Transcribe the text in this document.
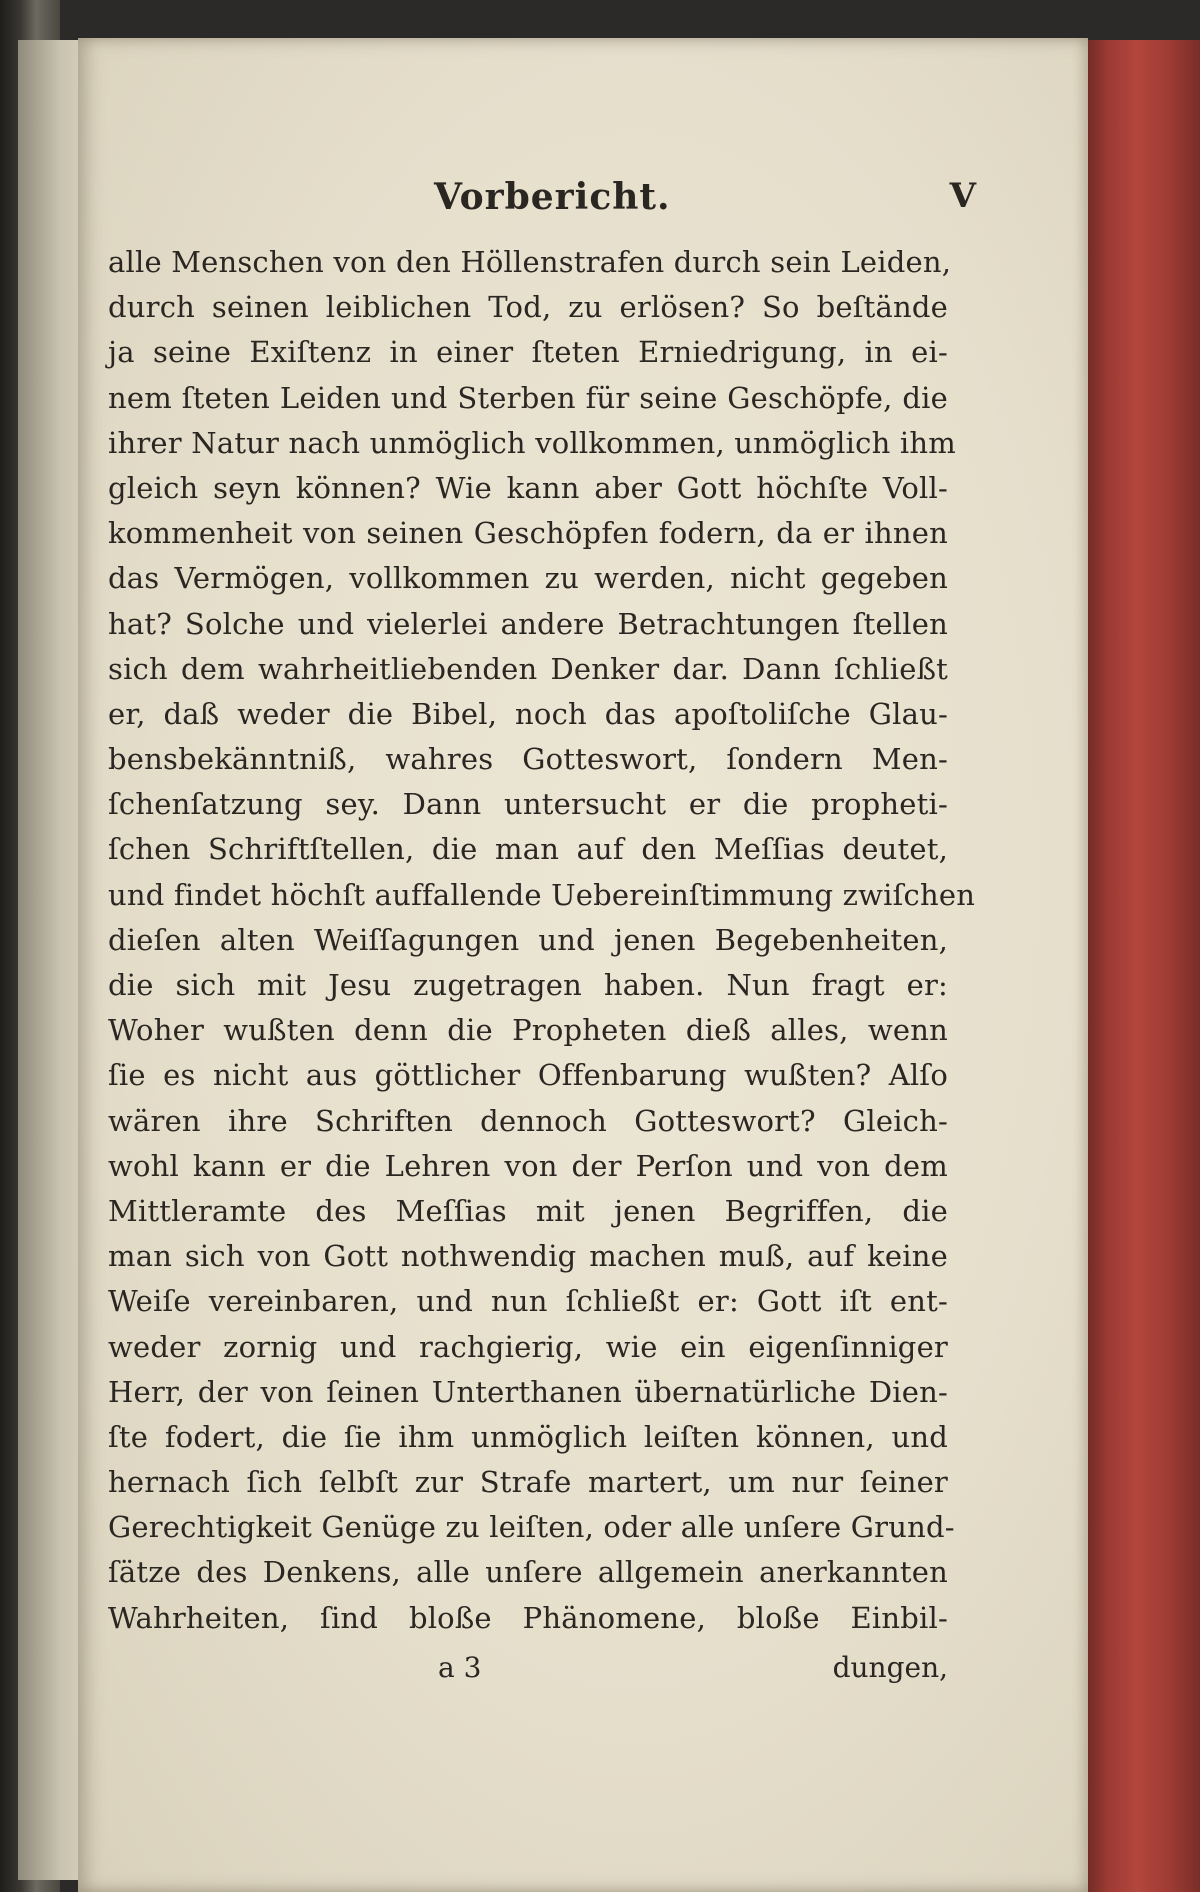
Vorbericht.	V
alle Menschen von den Höllenstrafen durch sein Leiden,
durch seinen leiblichen Tod, zu erlösen? So beſtände
ja seine Exiſtenz in einer ſteten Erniedrigung, in ei-
nem ſteten Leiden und Sterben für seine Geschöpfe, die
ihrer Natur nach unmöglich vollkommen, unmöglich ihm
gleich seyn können? Wie kann aber Gott höchſte Voll-
kommenheit von seinen Geschöpfen fodern, da er ihnen
das Vermögen, vollkommen zu werden, nicht gegeben
hat? Solche und vielerlei andere Betrachtungen ſtellen
sich dem wahrheitliebenden Denker dar. Dann ſchließt
er, daß weder die Bibel, noch das apoſtoliſche Glau-
bensbekänntniß, wahres Gotteswort, ſondern Men-
ſchenſatzung sey. Dann untersucht er die propheti-
ſchen Schriftſtellen, die man auf den Meſſias deutet,
und findet höchſt auffallende Uebereinſtimmung zwiſchen
dieſen alten Weiſſagungen und jenen Begebenheiten,
die sich mit Jesu zugetragen haben. Nun fragt er:
Woher wußten denn die Propheten dieß alles, wenn
ſie es nicht aus göttlicher Offenbarung wußten? Alſo
wären ihre Schriften dennoch Gotteswort? Gleich-
wohl kann er die Lehren von der Perſon und von dem
Mittleramte des Meſſias mit jenen Begriffen, die
man sich von Gott nothwendig machen muß, auf keine
Weiſe vereinbaren, und nun ſchließt er: Gott iſt ent-
weder zornig und rachgierig, wie ein eigenſinniger
Herr, der von ſeinen Unterthanen übernatürliche Dien-
ſte fodert, die ſie ihm unmöglich leiſten können, und
hernach ſich ſelbſt zur Strafe martert, um nur ſeiner
Gerechtigkeit Genüge zu leiſten, oder alle unſere Grund-
ſätze des Denkens, alle unſere allgemein anerkannten
Wahrheiten, ſind bloße Phänomene, bloße Einbil-
a 3	dungen,
